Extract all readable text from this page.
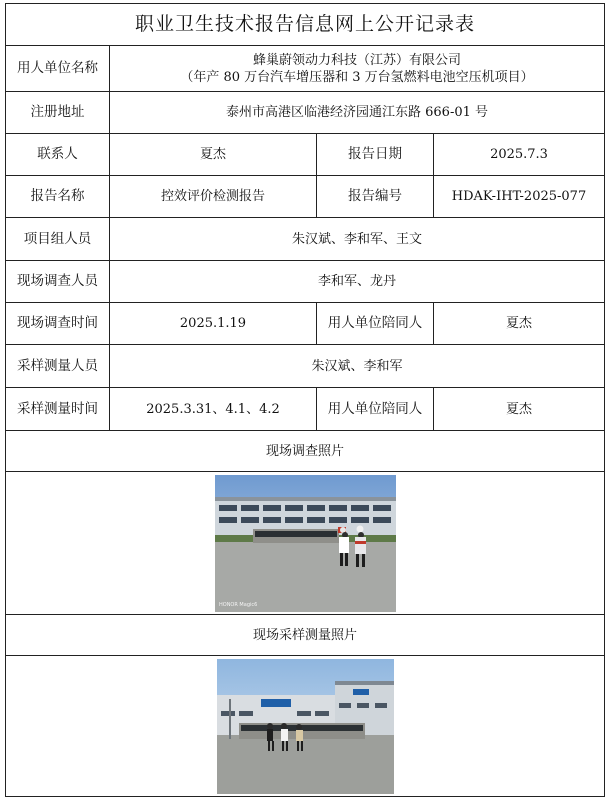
职业卫生技术报告信息网上公开记录表			
用人单位名称	蜂巢蔚领动力科技（江苏）有限公司
（年产 80 万台汽车增压器和 3 万台氢燃料电池空压机项目）		

注册地址	泰州市高港区临港经济园通江东路 666-01 号		
联系人	夏杰	报告日期	2025.7.3
报告名称	控效评价检测报告	报告编号	HDAK-IHT-2025-077
项目组人员	朱汉斌、李和军、王文		
现场调查人员	李和军、龙丹		
现场调查时间	2025.1.19	用人单位陪同人	夏杰
采样测量人员	朱汉斌、李和军		
采样测量时间	2025.3.31、4.1、4.2	用人单位陪同人	夏杰
现场调查照片			

HONOR Magic6			

现场采样测量照片			
